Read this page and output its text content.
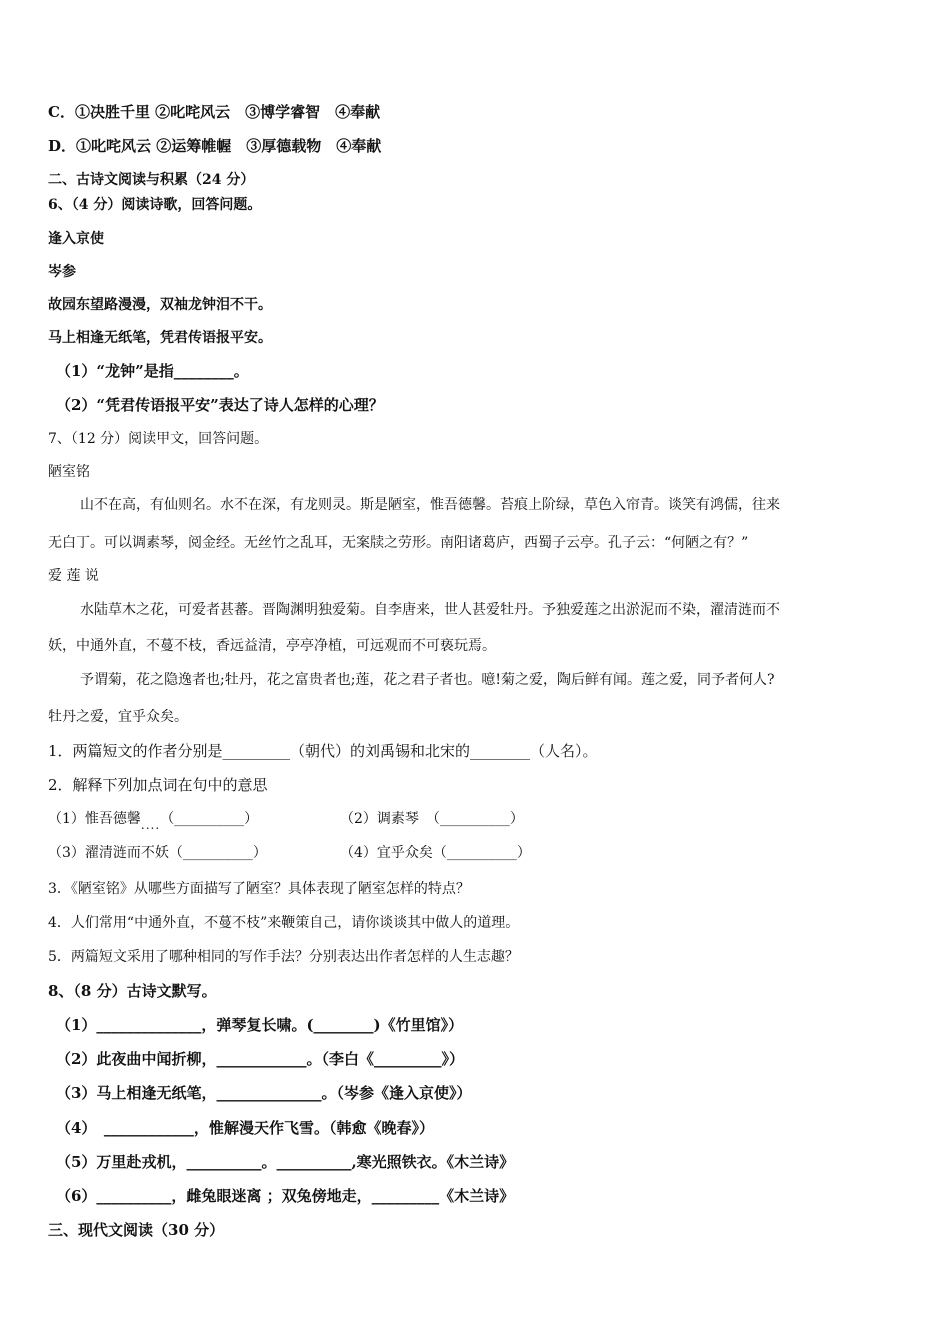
C．①决胜千里 ②叱咤风云　③博学睿智　④奉献
D．①叱咤风云 ②运筹帷幄　③厚德载物　④奉献
二、古诗文阅读与积累（24 分）
6、（4 分）阅读诗歌，回答问题。
逢入京使
岑参
故园东望路漫漫，双袖龙钟泪不干。
马上相逢无纸笔，凭君传语报平安。
（1）“龙钟”是指________。
（2）“凭君传语报平安”表达了诗人怎样的心理？
7、（12 分）阅读甲文，回答问题。
陋室铭
山不在高，有仙则名。水不在深，有龙则灵。斯是陋室，惟吾德馨。苔痕上阶绿，草色入帘青。谈笑有鸿儒，往来
无白丁。可以调素琴，阅金经。无丝竹之乱耳，无案牍之劳形。南阳诸葛庐，西蜀子云亭。孔子云：“何陋之有？”
爱 莲 说
水陆草木之花，可爱者甚蕃。晋陶渊明独爱菊。自李唐来，世人甚爱牡丹。予独爱莲之出淤泥而不染，濯清涟而不
妖，中通外直，不蔓不枝，香远益清，亭亭净植，可远观而不可亵玩焉。
予谓菊，花之隐逸者也;牡丹，花之富贵者也;莲，花之君子者也。噫!菊之爱，陶后鲜有闻。莲之爱，同予者何人?
牡丹之爱，宜乎众矣。
1．两篇短文的作者分别是_________（朝代）的刘禹锡和北宋的________（人名）。
2．解释下列加点词在句中的意思
（1）惟吾德馨....（__________）	（2）调素琴　 （__________）
（3）濯清涟而不妖（__________）	（4）宜乎众矣（__________）
3．《陋室铭》从哪些方面描写了陋室？具体表现了陋室怎样的特点？
4．人们常用“中通外直，不蔓不枝”来鞭策自己，请你谈谈其中做人的道理。
5．两篇短文采用了哪种相同的写作手法？分别表达出作者怎样的人生志趣？
8、（8 分）古诗文默写。
（1）______________，弹琴复长啸。(________)《竹里馆》）
（2）此夜曲中闻折柳，____________。（李白《_________》）
（3）马上相逢无纸笔，______________。（岑参《逢入京使》）
（4）　____________，惟解漫天作飞雪。（韩愈《晚春》）
（5）万里赴戎机，__________。__________,寒光照铁衣。《木兰诗》
（6）__________，雌兔眼迷离 ；双兔傍地走，_________《木兰诗》
三、现代文阅读（30 分）
